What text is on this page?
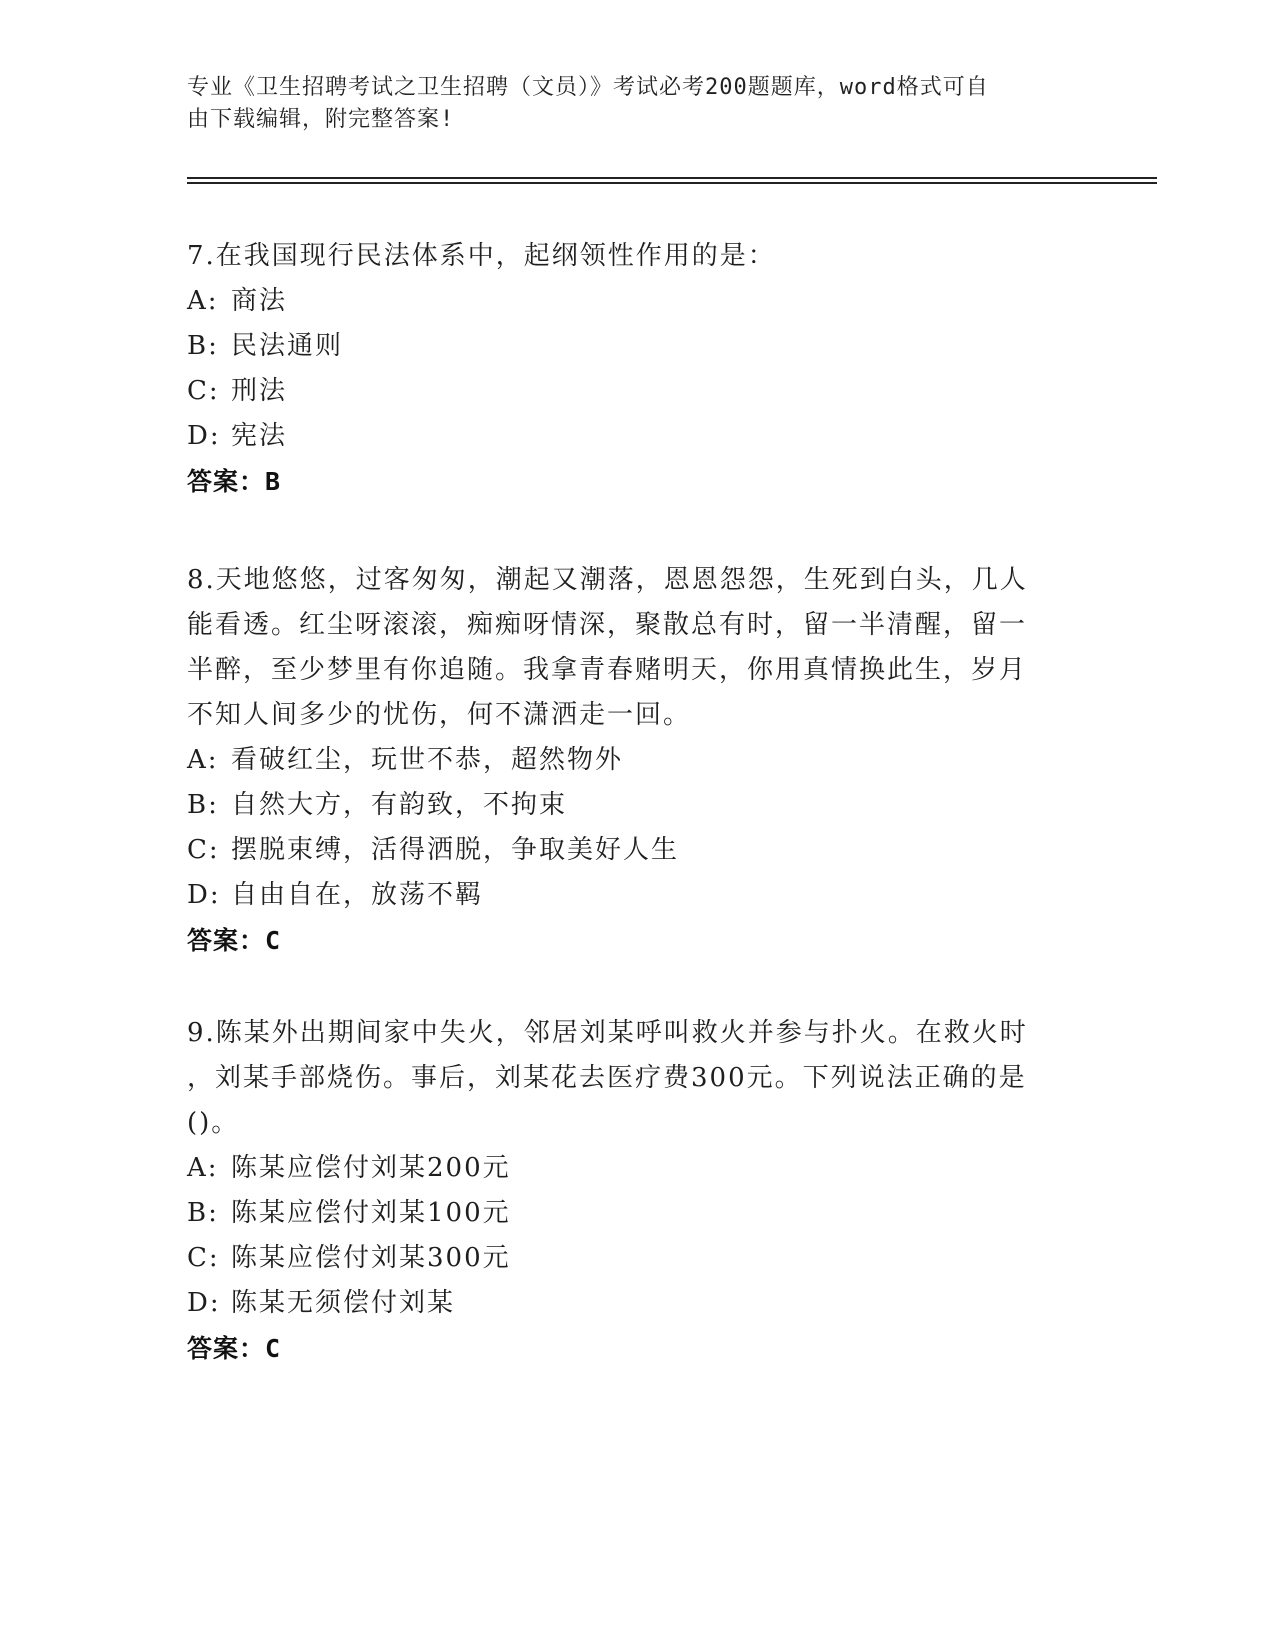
专业《卫生招聘考试之卫生招聘（文员）》考试必考200题题库，word格式可自
由下载编辑，附完整答案!
7.在我国现行民法体系中，起纲领性作用的是：
A: 商法
B: 民法通则
C: 刑法
D: 宪法
答案：B
8.天地悠悠，过客匆匆，潮起又潮落，恩恩怨怨，生死到白头，几人
能看透。红尘呀滚滚，痴痴呀情深，聚散总有时，留一半清醒，留一
半醉，至少梦里有你追随。我拿青春赌明天，你用真情换此生，岁月
不知人间多少的忧伤，何不潇洒走一回。
A: 看破红尘，玩世不恭，超然物外
B: 自然大方，有韵致，不拘束
C: 摆脱束缚，活得洒脱，争取美好人生
D: 自由自在，放荡不羁
答案：C
9.陈某外出期间家中失火，邻居刘某呼叫救火并参与扑火。在救火时
，刘某手部烧伤。事后，刘某花去医疗费300元。下列说法正确的是
()。
A: 陈某应偿付刘某200元
B: 陈某应偿付刘某100元
C: 陈某应偿付刘某300元
D: 陈某无须偿付刘某
答案：C
